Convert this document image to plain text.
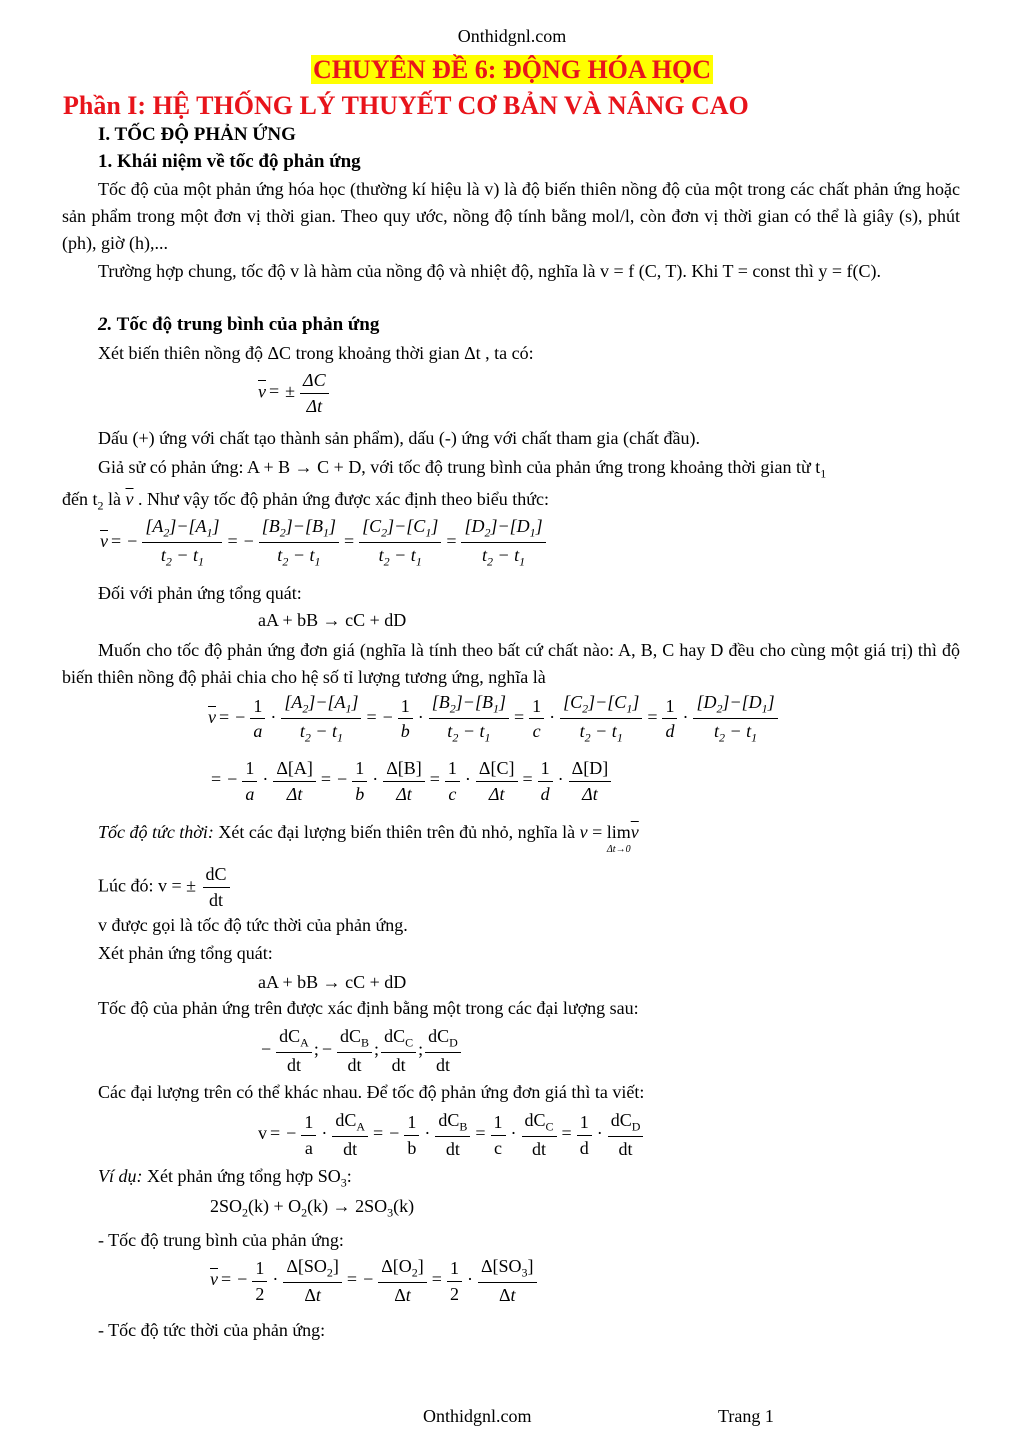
Onthidgnl.com
CHUYÊN ĐỀ 6: ĐỘNG HÓA HỌC
Phần I: HỆ THỐNG LÝ THUYẾT CƠ BẢN VÀ NÂNG CAO
I. TỐC ĐỘ PHẢN ỨNG
1. Khái niệm về tốc độ phản ứng
Tốc độ của một phản ứng hóa học (thường kí hiệu là v) là độ biến thiên nồng độ của một trong các chất phản ứng hoặc sản phẩm trong một đơn vị thời gian. Theo quy ước, nồng độ tính bằng mol/l, còn đơn vị thời gian có thể là giây (s), phút (ph), giờ (h),...
Trường hợp chung, tốc độ v là hàm của nồng độ và nhiệt độ, nghĩa là v = f (C, T). Khi T = const thì y = f(C).
2. Tốc độ trung bình của phản ứng
Xét biến thiên nồng độ ΔC trong khoảng thời gian Δt , ta có:
$\overline{v}$ = ± $\frac{\Delta C}{\Delta t}$
Dấu (+) ứng với chất tạo thành sản phẩm), dấu (-) ứng với chất tham gia (chất đầu).
Giả sử có phản ứng: A + B → C + D, với tốc độ trung bình của phản ứng trong khoảng thời gian từ $t_1$
đến $t_2$ là $\overline{v}$ . Như vậy tốc độ phản ứng được xác định theo biểu thức:
$\overline{v}$ = − $\frac{[A_2]-[A_1]}{t_2 - t_1}$ = − $\frac{[B_2]-[B_1]}{t_2 - t_1} = \frac{[C_2]-[C_1]}{t_2 - t_1} = \frac{[D_2]-[D_1]}{t_2 - t_1}$
Đối với phản ứng tổng quát:
aA + bB → cC + dD
Muốn cho tốc độ phản ứng đơn giá (nghĩa là tính theo bất cứ chất nào: A, B, C hay D đều cho cùng một giá trị) thì độ biến thiên nồng độ phải chia cho hệ số tỉ lượng tương ứng, nghĩa là
$\overline{v}$ = − $\frac{1}{a} \cdot \frac{[A_2]-[A_1]}{t_2 - t_1}$ = − $\frac{1}{b} \cdot \frac{[B_2]-[B_1]}{t_2 - t_1} = \frac{1}{c} \cdot \frac{[C_2]-[C_1]}{t_2 - t_1} = \frac{1}{d} \cdot \frac{[D_2]-[D_1]}{t_2 - t_1}$
= − $\frac{1}{a} \cdot \frac{\Delta[A]}{\Delta t}$ = − $\frac{1}{b} \cdot \frac{\Delta[B]}{\Delta t} = \frac{1}{c} \cdot \frac{\Delta[C]}{\Delta t} = \frac{1}{d} \cdot \frac{\Delta[D]}{\Delta t}$
Tốc độ tức thời: Xét các đại lượng biến thiên trên đủ nhỏ, nghĩa là v = lim
Δt→0
$\overline{v}$
Lúc đó: v = ± $\frac{dC}{dt}$
v được gọi là tốc độ tức thời của phản ứng.
Xét phản ứng tổng quát:
aA + bB → cC + dD
Tốc độ của phản ứng trên được xác định bằng một trong các đại lượng sau:
− $\frac{dC_A}{dt}$ ; − $\frac{dC_B}{dt}$ ; $\frac{dC_C}{dt}$ ; $\frac{dC_D}{dt}$
Các đại lượng trên có thể khác nhau. Để tốc độ phản ứng đơn giá thì ta viết:
v = − $\frac{1}{a} \cdot \frac{dC_A}{dt}$ = − $\frac{1}{b} \cdot \frac{dC_B}{dt} = \frac{1}{c} \cdot \frac{dC_C}{dt} = \frac{1}{d} \cdot \frac{dC_D}{dt}$
Ví dụ: Xét phản ứng tổng hợp $SO_3$:
$2SO_2(k) + O_2(k) \to 2SO_3(k)$
- Tốc độ trung bình của phản ứng:
$\overline{v}$ = − $\frac{1}{2} \cdot \frac{\Delta[SO_2]}{\Delta t}$ = − $\frac{\Delta[O_2]}{\Delta t} = \frac{1}{2} \cdot \frac{\Delta[SO_3]}{\Delta t}$
- Tốc độ tức thời của phản ứng:
Onthidgnl.com	Trang 1
